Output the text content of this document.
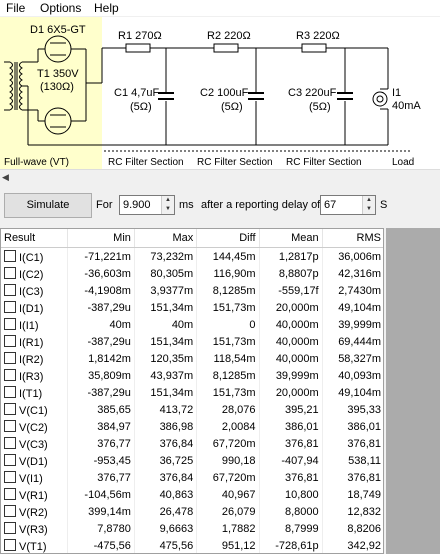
File Options Help
D1 6X5-GT
T1 350V
(130Ω)
Full-wave (VT)
R1 270Ω	R2 220Ω	R3 220Ω
C1 4,7uF
(5Ω)
C2 100uF
(5Ω)
C3 220uF
(5Ω)
I1
40mA
RC Filter Section RC Filter Section RC Filter Section	Load
◀
Simulate	For 9.900	▲
▼ ms after a reporting delay of 67	▲
▼ S
Result	Min	Max	Diff	Mean	RMS
I(C1)	-71,221m	73,232m	144,45m	1,2817p	36,006m
I(C2)	-36,603m	80,305m	116,90m	8,8807p	42,316m
I(C3)	-4,1908m	3,9377m	8,1285m	-559,17f	2,7430m
I(D1)	-387,29u	151,34m	151,73m	20,000m	49,104m
I(I1)	40m	40m	0	40,000m	39,999m
I(R1)	-387,29u	151,34m	151,73m	40,000m	69,444m
I(R2)	1,8142m	120,35m	118,54m	40,000m	58,327m
I(R3)	35,809m	43,937m	8,1285m	39,999m	40,093m
I(T1)	-387,29u	151,34m	151,73m	20,000m	49,104m
V(C1)	385,65	413,72	28,076	395,21	395,33
V(C2)	384,97	386,98	2,0084	386,01	386,01
V(C3)	376,77	376,84	67,720m	376,81	376,81
V(D1)	-953,45	36,725	990,18	-407,94	538,11
V(I1)	376,77	376,84	67,720m	376,81	376,81
V(R1)	-104,56m	40,863	40,967	10,800	18,749
V(R2)	399,14m	26,478	26,079	8,8000	12,832
V(R3)	7,8780	9,6663	1,7882	8,7999	8,8206
V(T1)	-475,56	475,56	951,12	-728,61p	342,92
